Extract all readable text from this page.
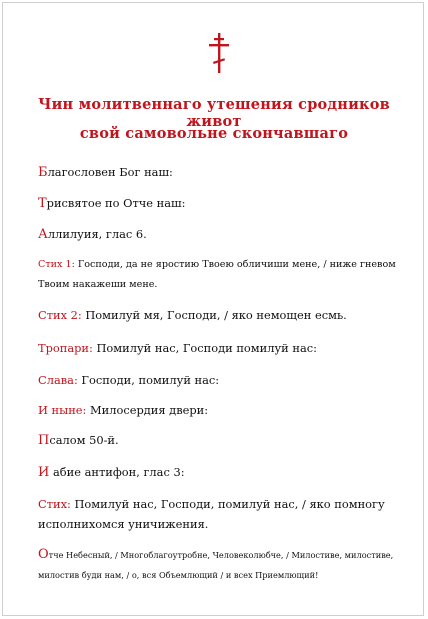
Чин молитвеннаго утешения сродников живот
свой самовольне скончавшаго
Благословен Бог наш:
Трисвятое по Отче наш:
Аллилуия, глас 6.
Стих 1: Господи, да не яростию Твоею обличиши мене, / ниже гневом
Твоим накажеши мене.
Стих 2: Помилуй мя, Господи, / яко немощен есмь.
Тропари: Помилуй нас, Господи помилуй нас:
Слава: Господи, помилуй нас:
И ныне: Милосердия двери:
Псалом 50-й.
И абие антифон, глас 3:
Стих: Помилуй нас, Господи, помилуй нас, / яко помногу
исполнихомся уничижения.
Отче Небесный, / Многоблагоутробне, Человеколюбче, / Милостиве, милостиве,
милостив буди нам, / о, вся Объемлющий / и всех Приемлющий!
